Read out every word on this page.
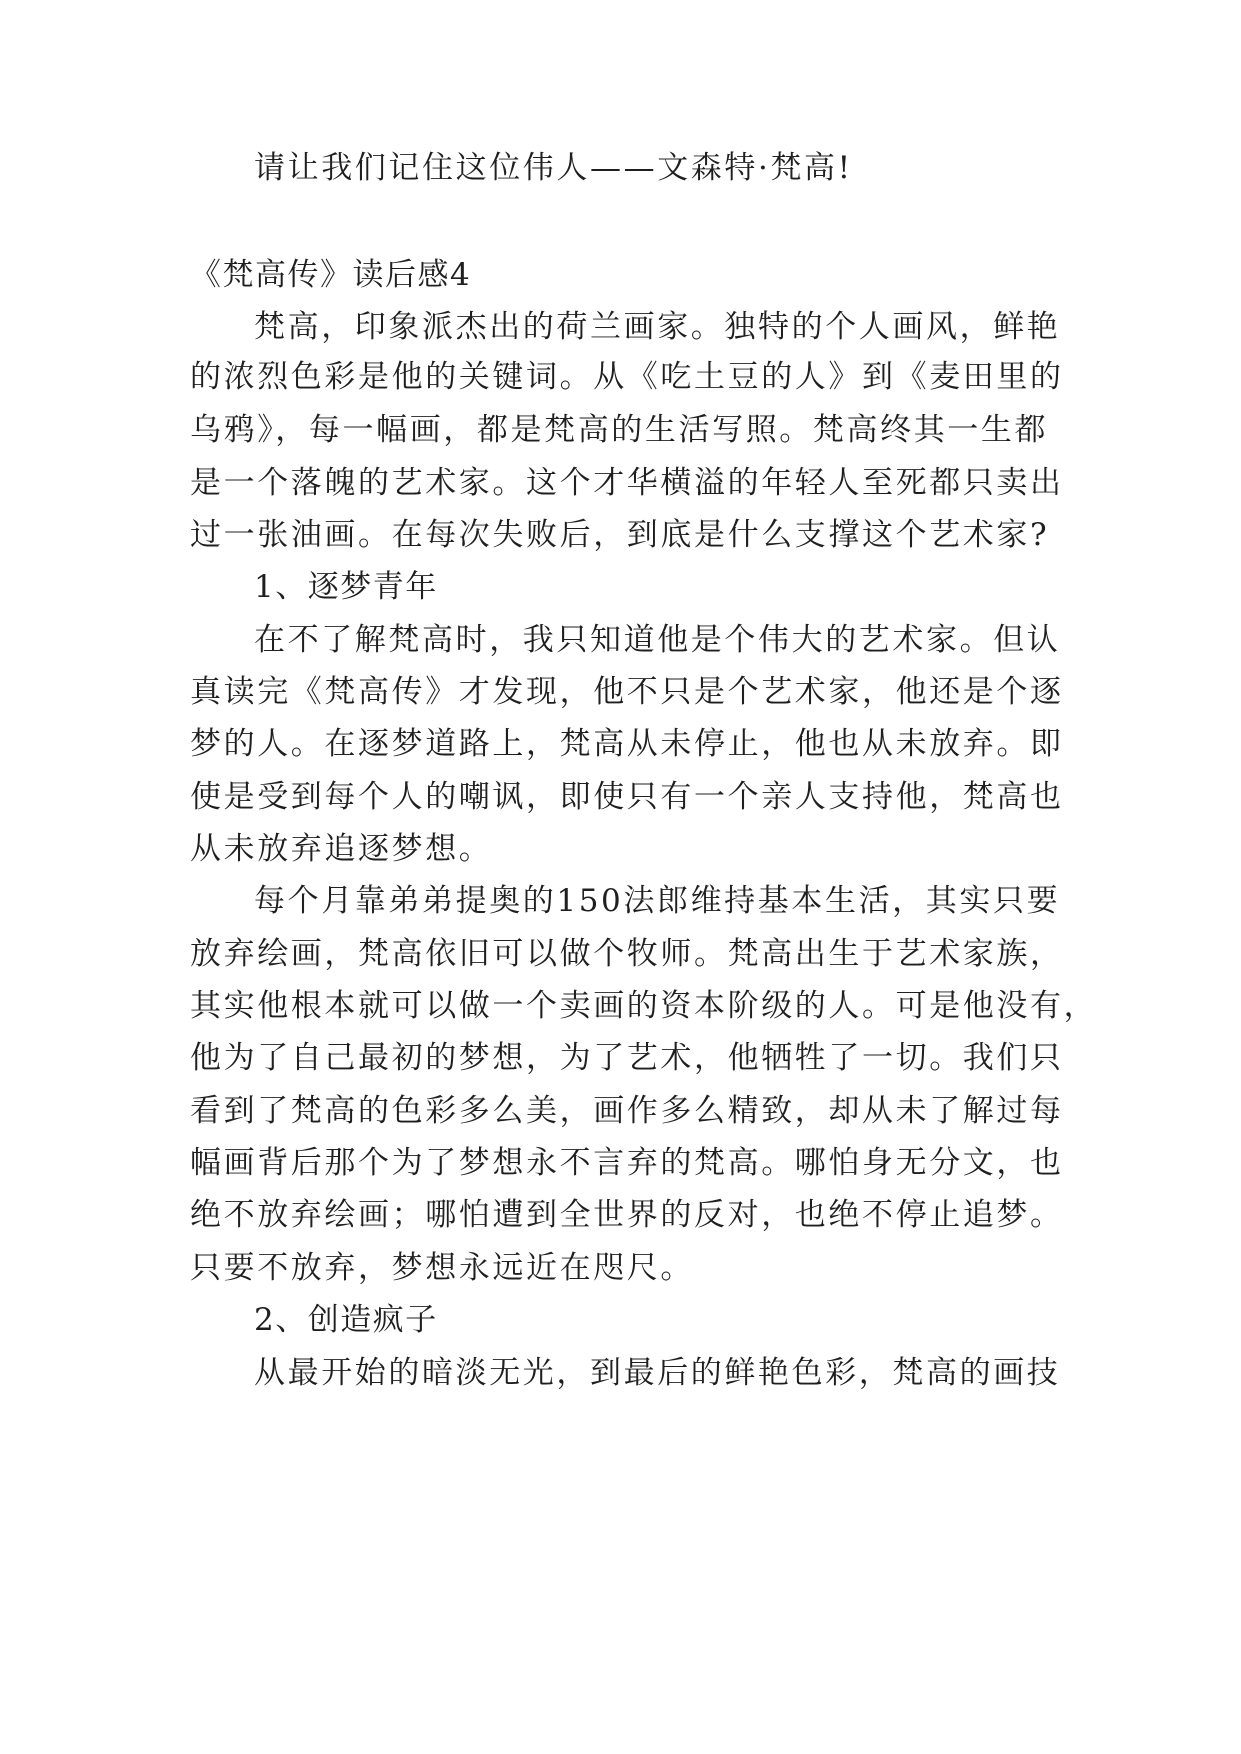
请让我们记住这位伟人——文森特·梵高!
《梵高传》读后感4
梵高，印象派杰出的荷兰画家。独特的个人画风，鲜艳
的浓烈色彩是他的关键词。从《吃土豆的人》到《麦田里的
乌鸦》，每一幅画，都是梵高的生活写照。梵高终其一生都
是一个落魄的艺术家。这个才华横溢的年轻人至死都只卖出
过一张油画。在每次失败后，到底是什么支撑这个艺术家?
1、逐梦青年
在不了解梵高时，我只知道他是个伟大的艺术家。但认
真读完《梵高传》才发现，他不只是个艺术家，他还是个逐
梦的人。在逐梦道路上，梵高从未停止，他也从未放弃。即
使是受到每个人的嘲讽，即使只有一个亲人支持他，梵高也
从未放弃追逐梦想。
每个月靠弟弟提奥的150法郎维持基本生活，其实只要
放弃绘画，梵高依旧可以做个牧师。梵高出生于艺术家族，
其实他根本就可以做一个卖画的资本阶级的人。可是他没有，
他为了自己最初的梦想，为了艺术，他牺牲了一切。我们只
看到了梵高的色彩多么美，画作多么精致，却从未了解过每
幅画背后那个为了梦想永不言弃的梵高。哪怕身无分文，也
绝不放弃绘画；哪怕遭到全世界的反对，也绝不停止追梦。
只要不放弃，梦想永远近在咫尺。
2、创造疯子
从最开始的暗淡无光，到最后的鲜艳色彩，梵高的画技
